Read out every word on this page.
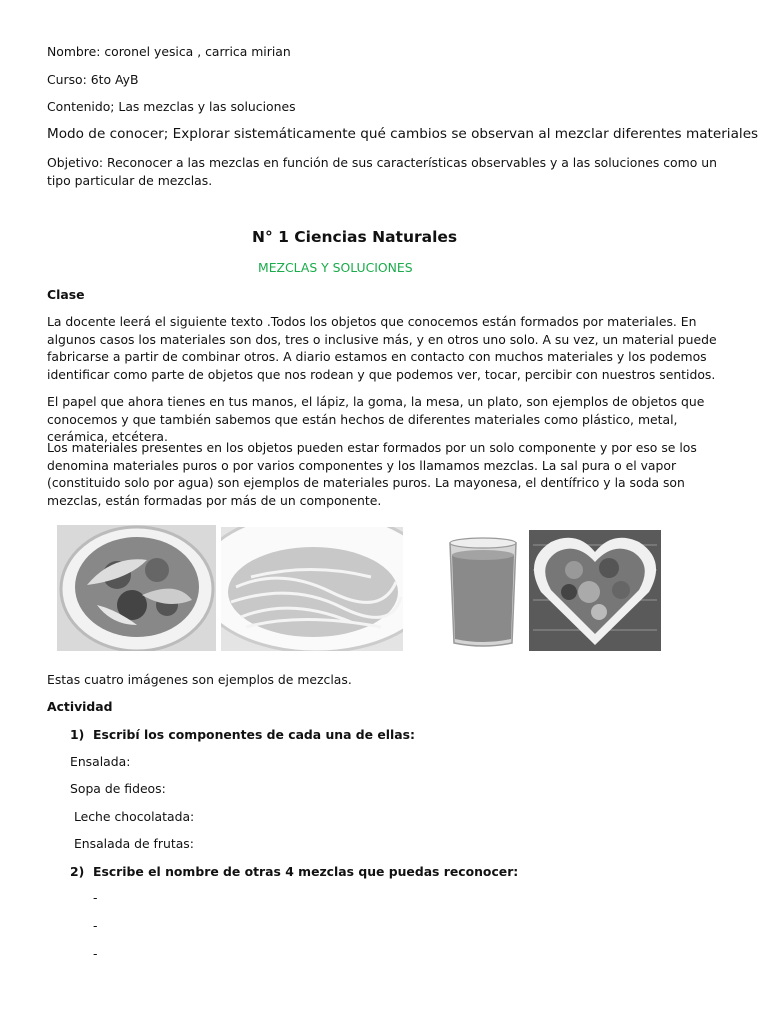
Nombre: coronel yesica , carrica mirian
Curso: 6to AyB
Contenido; Las mezclas y las soluciones
Modo de conocer; Explorar sistemáticamente qué cambios se observan al mezclar diferentes materiales
Objetivo: Reconocer a las mezclas en función de sus características observables y a las soluciones como un tipo particular de mezclas.
N° 1 Ciencias Naturales
MEZCLAS Y SOLUCIONES
Clase
La docente leerá el siguiente texto .Todos los objetos que conocemos están formados por materiales. En algunos casos los materiales son dos, tres o inclusive más, y en otros uno solo. A su vez, un material puede fabricarse a partir de combinar otros. A diario estamos en contacto con muchos materiales y los podemos identificar como parte de objetos que nos rodean y que podemos ver, tocar, percibir con nuestros sentidos.
El papel que ahora tienes en tus manos, el lápiz, la goma, la mesa, un plato, son ejemplos de objetos que conocemos y que también sabemos que están hechos de diferentes materiales como plástico, metal, cerámica, etcétera.
Los materiales presentes en los objetos pueden estar formados por un solo componente y por eso se los denomina materiales puros o por varios componentes y los llamamos mezclas. La sal pura o el vapor (constituido solo por agua) son ejemplos de materiales puros. La mayonesa, el dentífrico y la soda son mezclas, están formadas por más de un componente.
Estas cuatro imágenes son ejemplos de mezclas.
Actividad
1) Escribí los componentes de cada una de ellas:
Ensalada:
Sopa de fideos:
Leche chocolatada:
Ensalada de frutas:
2) Escribe el nombre de otras 4 mezclas que puedas reconocer:
-
-
-
